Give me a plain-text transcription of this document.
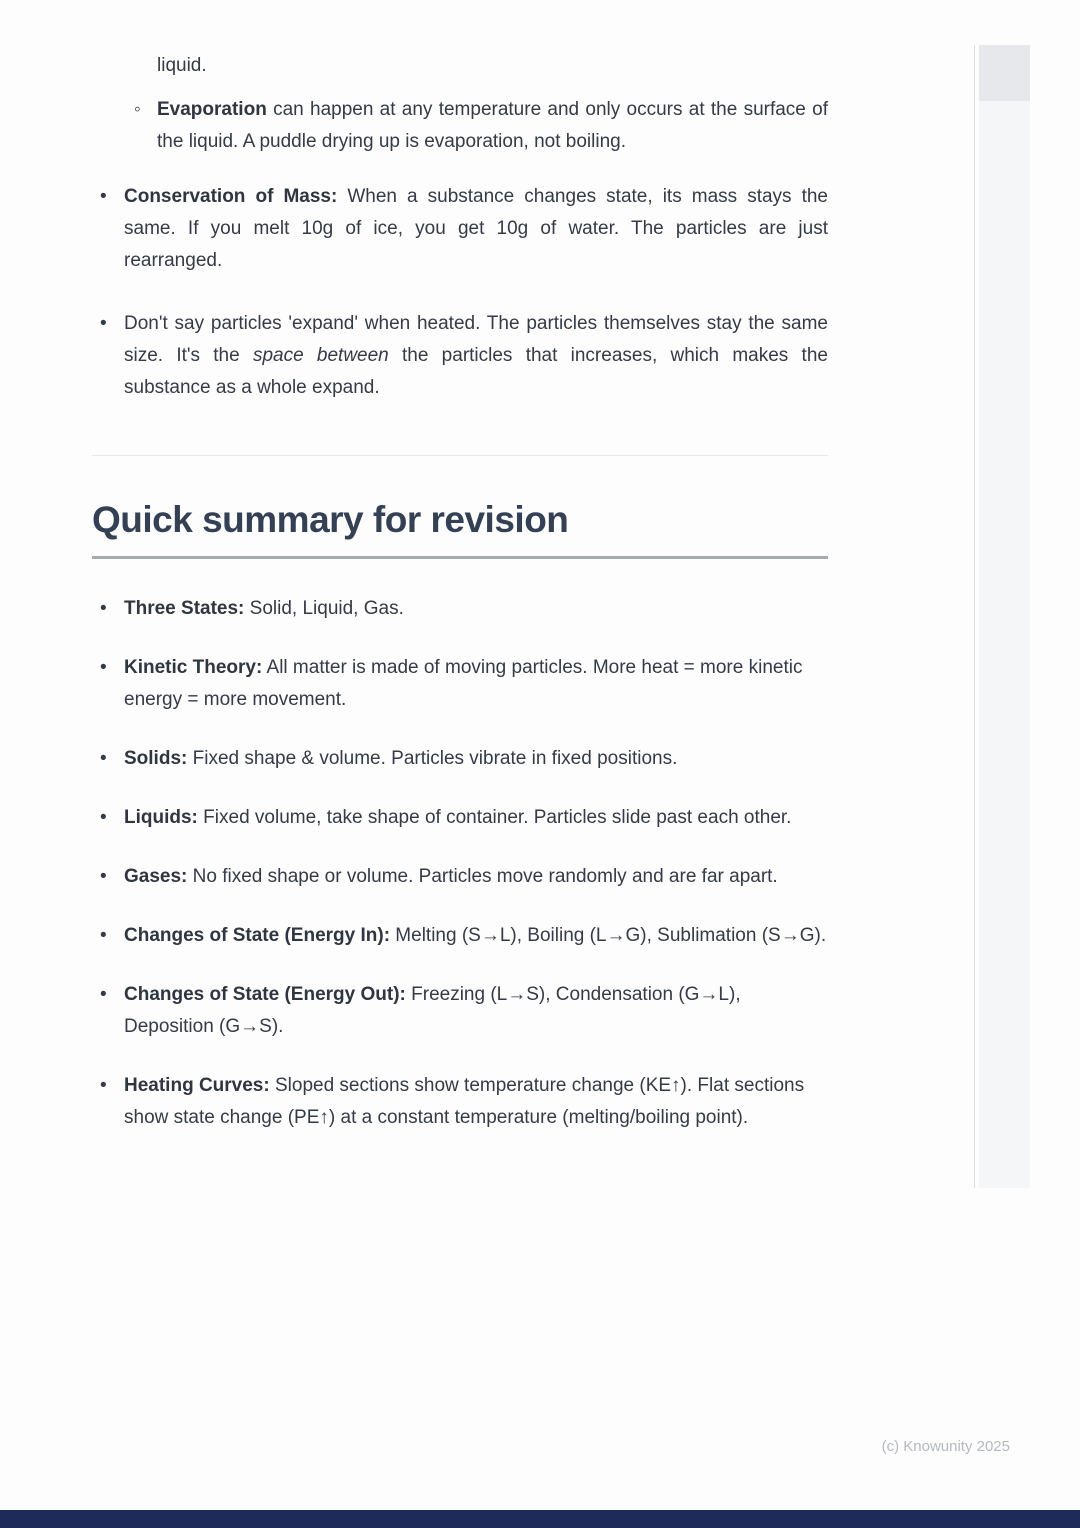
liquid.
◦ Evaporation can happen at any temperature and only occurs at the surface of the liquid. A puddle drying up is evaporation, not boiling.
• Conservation of Mass: When a substance changes state, its mass stays the same. If you melt 10g of ice, you get 10g of water. The particles are just rearranged.
• Don't say particles 'expand' when heated. The particles themselves stay the same size. It's the space between the particles that increases, which makes the substance as a whole expand.
Quick summary for revision
• Three States: Solid, Liquid, Gas.
• Kinetic Theory: All matter is made of moving particles. More heat = more kinetic energy = more movement.
• Solids: Fixed shape & volume. Particles vibrate in fixed positions.
• Liquids: Fixed volume, take shape of container. Particles slide past each other.
• Gases: No fixed shape or volume. Particles move randomly and are far apart.
• Changes of State (Energy In): Melting (S→L), Boiling (L→G), Sublimation (S→G).
• Changes of State (Energy Out): Freezing (L→S), Condensation (G→L), Deposition (G→S).
• Heating Curves: Sloped sections show temperature change (KE↑). Flat sections show state change (PE↑) at a constant temperature (melting/boiling point).
(c) Knowunity 2025
